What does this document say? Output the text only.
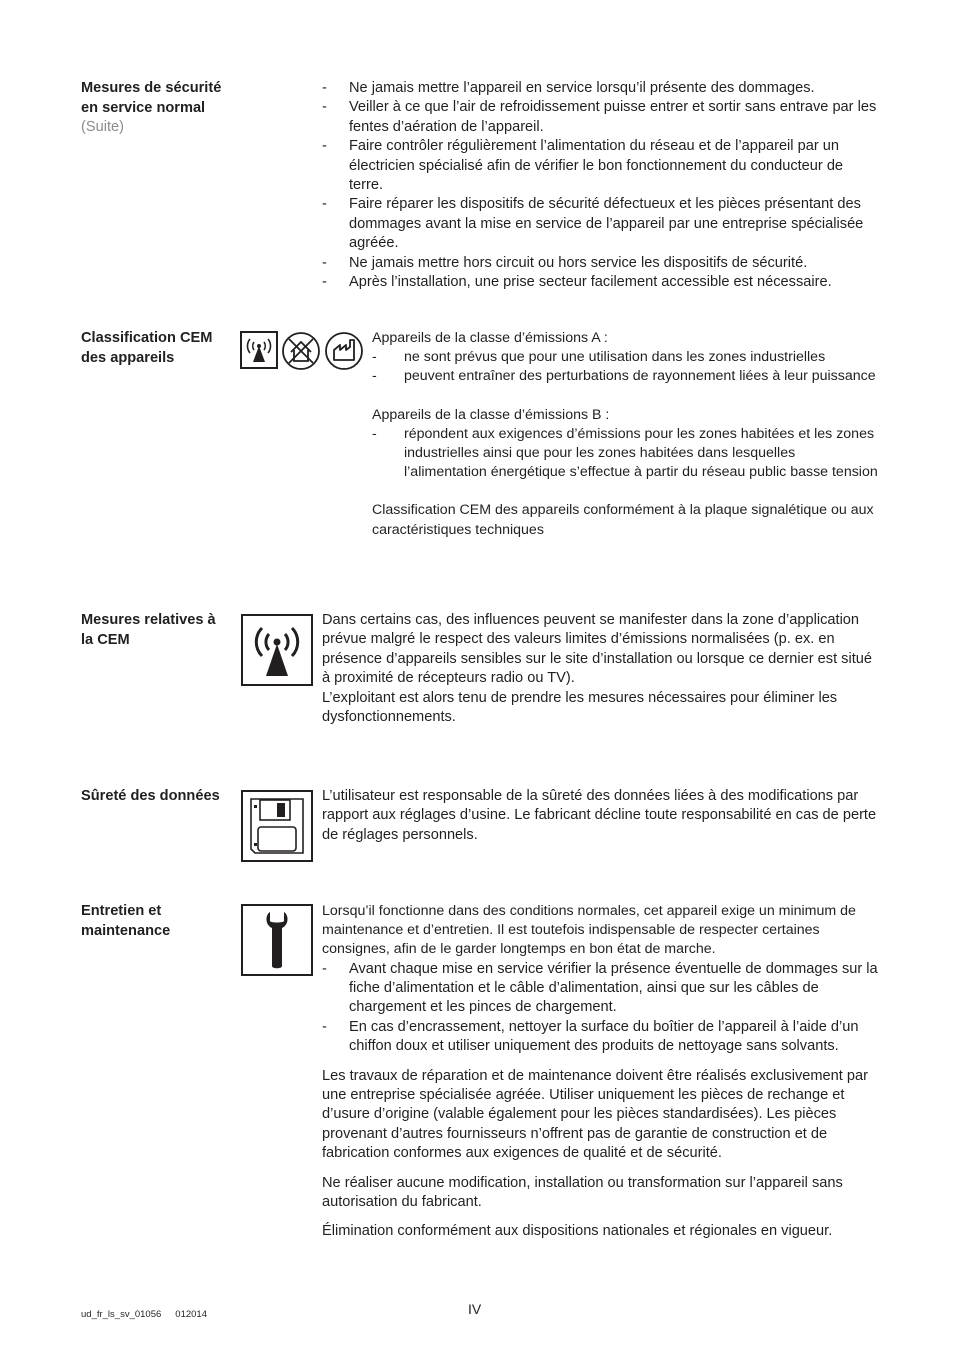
Mesures de sécurité en service normal
(Suite)
- Ne jamais mettre l’appareil en service lorsqu’il présente des dommages.
- Veiller à ce que l’air de refroidissement puisse entrer et sortir sans entrave par les fentes d’aération de l’appareil.
- Faire contrôler régulièrement l’alimentation du réseau et de l’appareil par un électricien spécialisé afin de vérifier le bon fonctionnement du conducteur de terre.
- Faire réparer les dispositifs de sécurité défectueux et les pièces présentant des dommages avant la mise en service de l’appareil par une entreprise spécialisée agréée.
- Ne jamais mettre hors circuit ou hors service les dispositifs de sécurité.
- Après l’installation, une prise secteur facilement accessible est nécessaire.
Classification CEM des appareils

Appareils de la classe d’émissions A :

- ne sont prévus que pour une utilisation dans les zones industrielles
- peuvent entraîner des perturbations de rayonnement liées à leur puissance

Appareils de la classe d’émissions B :

- répondent aux exigences d’émissions pour les zones habitées et les zones industrielles ainsi que pour les zones habitées dans lesquelles l’alimentation énergétique s’effectue à partir du réseau public basse tension

Classification CEM des appareils conformément à la plaque signalétique ou aux caractéristiques techniques

Mesures relatives à la CEM

Dans certains cas, des influences peuvent se manifester dans la zone d’application prévue malgré le respect des valeurs limites d’émissions normalisées (p. ex. en présence d’appareils sensibles sur le site d’installation ou lorsque ce dernier est situé à proximité de récepteurs radio ou TV).

L’exploitant est alors tenu de prendre les mesures nécessaires pour éliminer les dysfonctionnements.

Sûreté des données	L’utilisateur est responsable de la sûreté des données liées à des modifications par rapport aux réglages d’usine. Le fabricant décline toute responsabilité en cas de perte de réglages personnels.

Entretien et maintenance

Lorsqu’il fonctionne dans des conditions normales, cet appareil exige un minimum de maintenance et d’entretien. Il est toutefois indispensable de respecter certaines consignes, afin de le garder longtemps en bon état de marche.

- Avant chaque mise en service vérifier la présence éventuelle de dommages sur la fiche d’alimentation et le câble d’alimentation, ainsi que sur les câbles de chargement et les pinces de chargement.
- En cas d’encrassement, nettoyer la surface du boîtier de l’appareil à l’aide d’un chiffon doux et utiliser uniquement des produits de nettoyage sans solvants.

Les travaux de réparation et de maintenance doivent être réalisés exclusivement par une entreprise spécialisée agréée. Utiliser uniquement les pièces de rechange et d’usure d’origine (valable également pour les pièces standardisées). Les pièces provenant d’autres fournisseurs n’offrent pas de garantie de construction et de fabrication conformes aux exigences de qualité et de sécurité.

Ne réaliser aucune modification, installation ou transformation sur l’appareil sans autorisation du fabricant.

Élimination conformément aux dispositions nationales et régionales en vigueur.

ud_fr_ls_sv_01056 012014	IV
